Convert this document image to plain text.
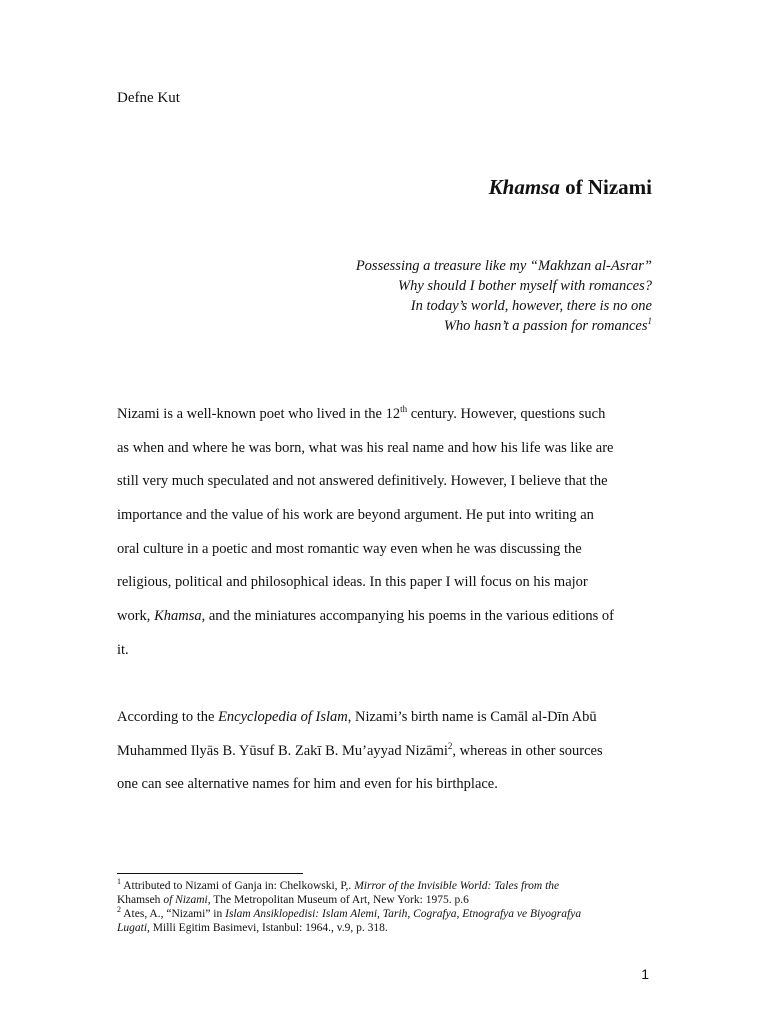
Defne Kut
Khamsa of Nizami
Possessing a treasure like my “Makhzan al-Asrar”
Why should I bother myself with romances?
In today’s world, however, there is no one
Who hasn’t a passion for romances$^1$
Nizami is a well-known poet who lived in the 12th century. However, questions such
as when and where he was born, what was his real name and how his life was like are
still very much speculated and not answered definitively. However, I believe that the
importance and the value of his work are beyond argument. He put into writing an
oral culture in a poetic and most romantic way even when he was discussing the
religious, political and philosophical ideas. In this paper I will focus on his major
work, Khamsa, and the miniatures accompanying his poems in the various editions of
it.
According to the Encyclopedia of Islam, Nizami’s birth name is Camāl al-Dīn Abū
Muhammed Ilyās B. Yūsuf B. Zakī B. Mu’ayyad Nizāmi$^2$, whereas in other sources
one can see alternative names for him and even for his birthplace.
$^1$ Attributed to Nizami of Ganja in: Chelkowski, P,. Mirror of the Invisible World: Tales from the
Khamseh of Nizami, The Metropolitan Museum of Art, New York: 1975. p.6
$^2$ Ates, A., “Nizami” in Islam Ansiklopedisi: Islam Alemi, Tarih, Cografya, Etnografya ve Biyografya
Lugati, Milli Egitim Basimevi, Istanbul: 1964., v.9, p. 318.
1
